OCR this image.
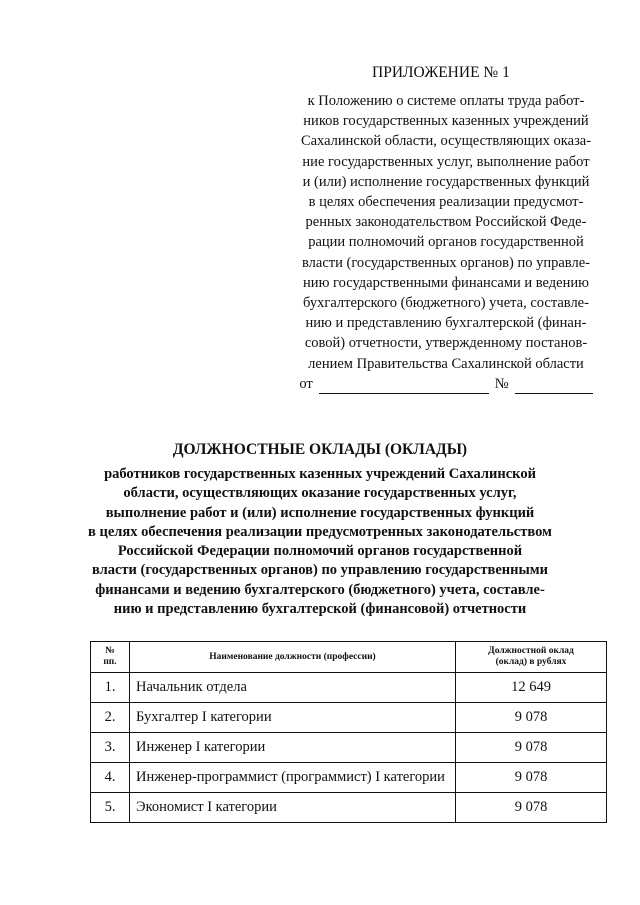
ПРИЛОЖЕНИЕ № 1
к Положению о системе оплаты труда работ-
ников государственных казенных учреждений
Сахалинской области, осуществляющих оказа-
ние государственных услуг, выполнение работ
и (или) исполнение государственных функций
в целях обеспечения реализации предусмот-
ренных законодательством Российской Феде-
рации полномочий органов государственной
власти (государственных органов) по управле-
нию государственными финансами и ведению
бухгалтерского (бюджетного) учета, составле-
нию и представлению бухгалтерской (финан-
совой) отчетности, утвержденному постанов-
лением Правительства Сахалинской области
от	№
ДОЛЖНОСТНЫЕ ОКЛАДЫ (ОКЛАДЫ)
работников государственных казенных учреждений Сахалинской
области, осуществляющих оказание государственных услуг,
выполнение работ и (или) исполнение государственных функций
в целях обеспечения реализации предусмотренных законодательством
Российской Федерации полномочий органов государственной
власти (государственных органов) по управлению государственными
финансами и ведению бухгалтерского (бюджетного) учета, составле-
нию и представлению бухгалтерской (финансовой) отчетности
№
пп.	Наименование должности (профессии)	Должностной оклад
(оклад) в рублях
1.	Начальник отдела	12 649
2.	Бухгалтер I категории	9 078
3.	Инженер I категории	9 078
4.	Инженер-программист (программист) I категории	9 078
5.	Экономист I категории	9 078
